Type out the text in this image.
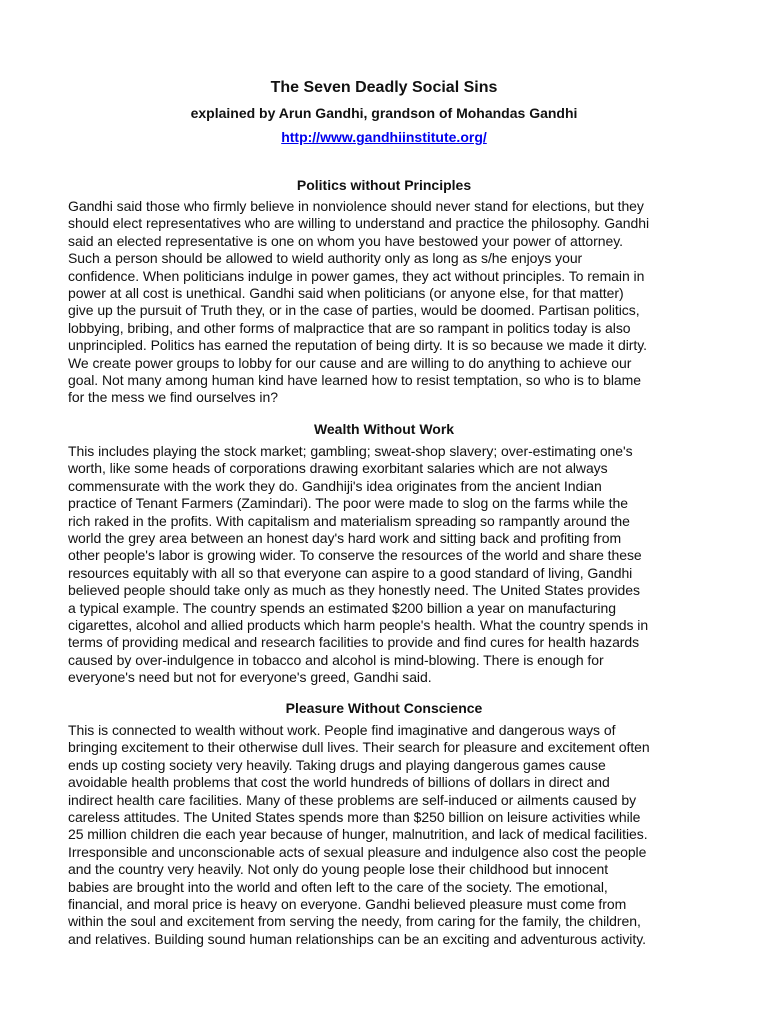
The Seven Deadly Social Sins
explained by Arun Gandhi, grandson of Mohandas Gandhi
http://www.gandhiinstitute.org/
Politics without Principles
Gandhi said those who firmly believe in nonviolence should never stand for elections, but they
should elect representatives who are willing to understand and practice the philosophy. Gandhi
said an elected representative is one on whom you have bestowed your power of attorney.
Such a person should be allowed to wield authority only as long as s/he enjoys your
confidence. When politicians indulge in power games, they act without principles. To remain in
power at all cost is unethical. Gandhi said when politicians (or anyone else, for that matter)
give up the pursuit of Truth they, or in the case of parties, would be doomed. Partisan politics,
lobbying, bribing, and other forms of malpractice that are so rampant in politics today is also
unprincipled. Politics has earned the reputation of being dirty. It is so because we made it dirty.
We create power groups to lobby for our cause and are willing to do anything to achieve our
goal. Not many among human kind have learned how to resist temptation, so who is to blame
for the mess we find ourselves in?
Wealth Without Work
This includes playing the stock market; gambling; sweat-shop slavery; over-estimating one's
worth, like some heads of corporations drawing exorbitant salaries which are not always
commensurate with the work they do. Gandhiji's idea originates from the ancient Indian
practice of Tenant Farmers (Zamindari). The poor were made to slog on the farms while the
rich raked in the profits. With capitalism and materialism spreading so rampantly around the
world the grey area between an honest day's hard work and sitting back and profiting from
other people's labor is growing wider. To conserve the resources of the world and share these
resources equitably with all so that everyone can aspire to a good standard of living, Gandhi
believed people should take only as much as they honestly need. The United States provides
a typical example. The country spends an estimated $200 billion a year on manufacturing
cigarettes, alcohol and allied products which harm people's health. What the country spends in
terms of providing medical and research facilities to provide and find cures for health hazards
caused by over-indulgence in tobacco and alcohol is mind-blowing. There is enough for
everyone's need but not for everyone's greed, Gandhi said.
Pleasure Without Conscience
This is connected to wealth without work. People find imaginative and dangerous ways of
bringing excitement to their otherwise dull lives. Their search for pleasure and excitement often
ends up costing society very heavily. Taking drugs and playing dangerous games cause
avoidable health problems that cost the world hundreds of billions of dollars in direct and
indirect health care facilities. Many of these problems are self-induced or ailments caused by
careless attitudes. The United States spends more than $250 billion on leisure activities while
25 million children die each year because of hunger, malnutrition, and lack of medical facilities.
Irresponsible and unconscionable acts of sexual pleasure and indulgence also cost the people
and the country very heavily. Not only do young people lose their childhood but innocent
babies are brought into the world and often left to the care of the society. The emotional,
financial, and moral price is heavy on everyone. Gandhi believed pleasure must come from
within the soul and excitement from serving the needy, from caring for the family, the children,
and relatives. Building sound human relationships can be an exciting and adventurous activity.
